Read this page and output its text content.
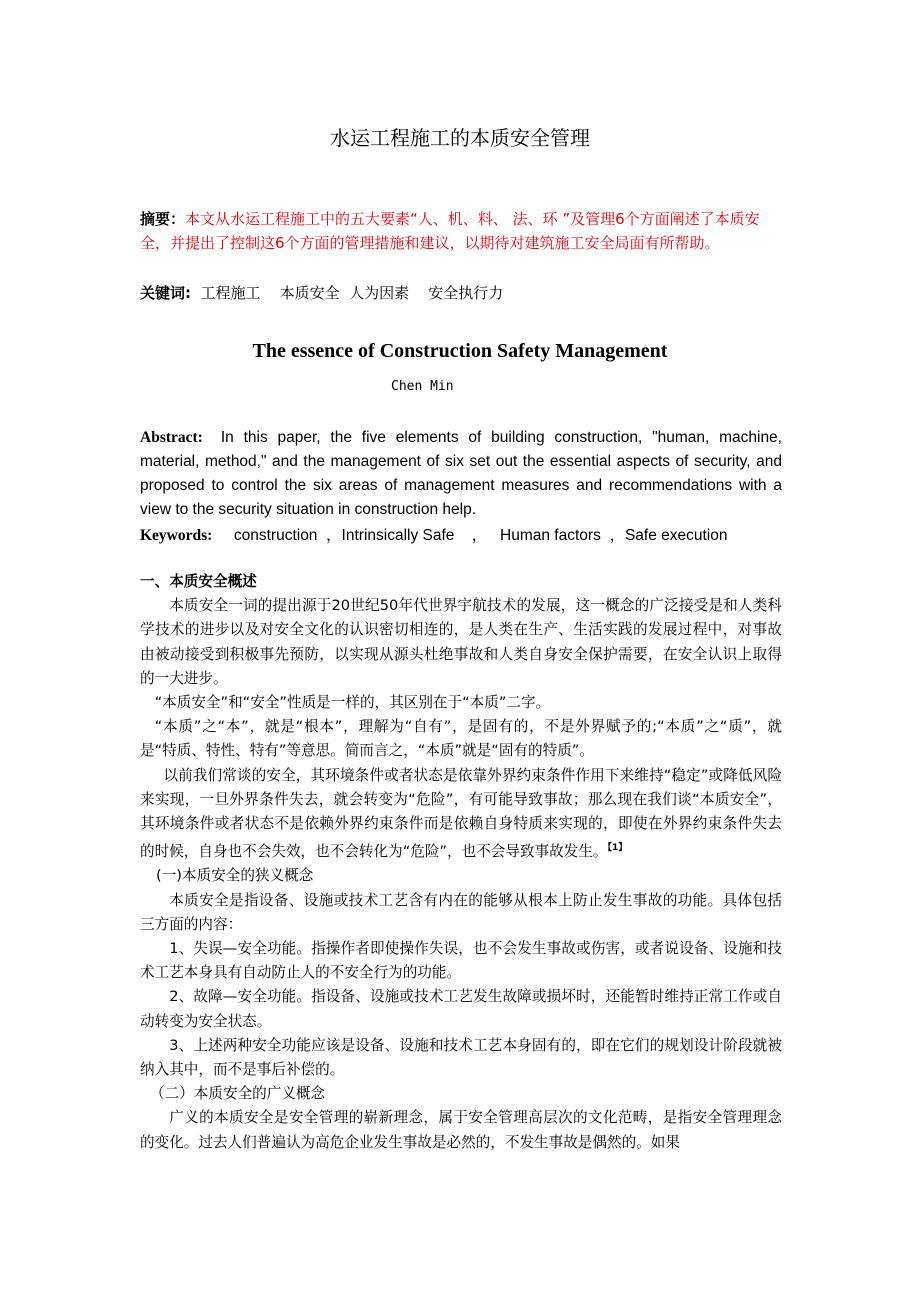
水运工程施工的本质安全管理
摘要：本文从水运工程施工中的五大要素“人、机、料、 法、环 ”及管理6个方面阐述了本质安全，并提出了控制这6个方面的管理措施和建议，以期待对建筑施工安全局面有所帮助。
关键词:  工程施工    本质安全  人为因素    安全执行力
The essence of Construction Safety Management
Chen Min
Abstract: In this paper, the five elements of building construction, "human, machine, material, method," and the management of six set out the essential aspects of security, and proposed to control the six areas of management measures and recommendations with a view to the security situation in construction help.
Keywords:     construction  ，Intrinsically Safe    ，   Human factors  ，Safe execution

一、本质安全概述

本质安全一词的提出源于20世纪50年代世界宇航技术的发展，这一概念的广泛接受是和人类科学技术的进步以及对安全文化的认识密切相连的，是人类在生产、生活实践的发展过程中，对事故由被动接受到积极事先预防，以实现从源头杜绝事故和人类自身安全保护需要，在安全认识上取得的一大进步。

“本质安全”和“安全”性质是一样的，其区别在于“本质”二字。

“本质”之“本”，就是“根本”，理解为“自有”，是固有的，不是外界赋予的;“本质”之“质”，就是“特质、特性、特有”等意思。简而言之，“本质”就是“固有的特质”。

以前我们常谈的安全，其环境条件或者状态是依靠外界约束条件作用下来维持“稳定”或降低风险来实现，一旦外界条件失去，就会转变为“危险”，有可能导致事故；那么现在我们谈“本质安全”，其环境条件或者状态不是依赖外界约束条件而是依赖自身特质来实现的，即使在外界约束条件失去的时候，自身也不会失效，也不会转化为“危险”，也不会导致事故发生。$^{【1】}$

(一)本质安全的狭义概念

本质安全是指设备、设施或技术工艺含有内在的能够从根本上防止发生事故的功能。具体包括三方面的内容：

1、失误—安全功能。指操作者即使操作失误，也不会发生事故或伤害，或者说设备、设施和技术工艺本身具有自动防止人的不安全行为的功能。

2、故障—安全功能。指设备、设施或技术工艺发生故障或损坏时，还能暂时维持正常工作或自动转变为安全状态。

3、上述两种安全功能应该是设备、设施和技术工艺本身固有的，即在它们的规划设计阶段就被纳入其中，而不是事后补偿的。

（二）本质安全的广义概念

广义的本质安全是安全管理的崭新理念，属于安全管理高层次的文化范畴，是指安全管理理念的变化。过去人们普遍认为高危企业发生事故是必然的，不发生事故是偶然的。如果
